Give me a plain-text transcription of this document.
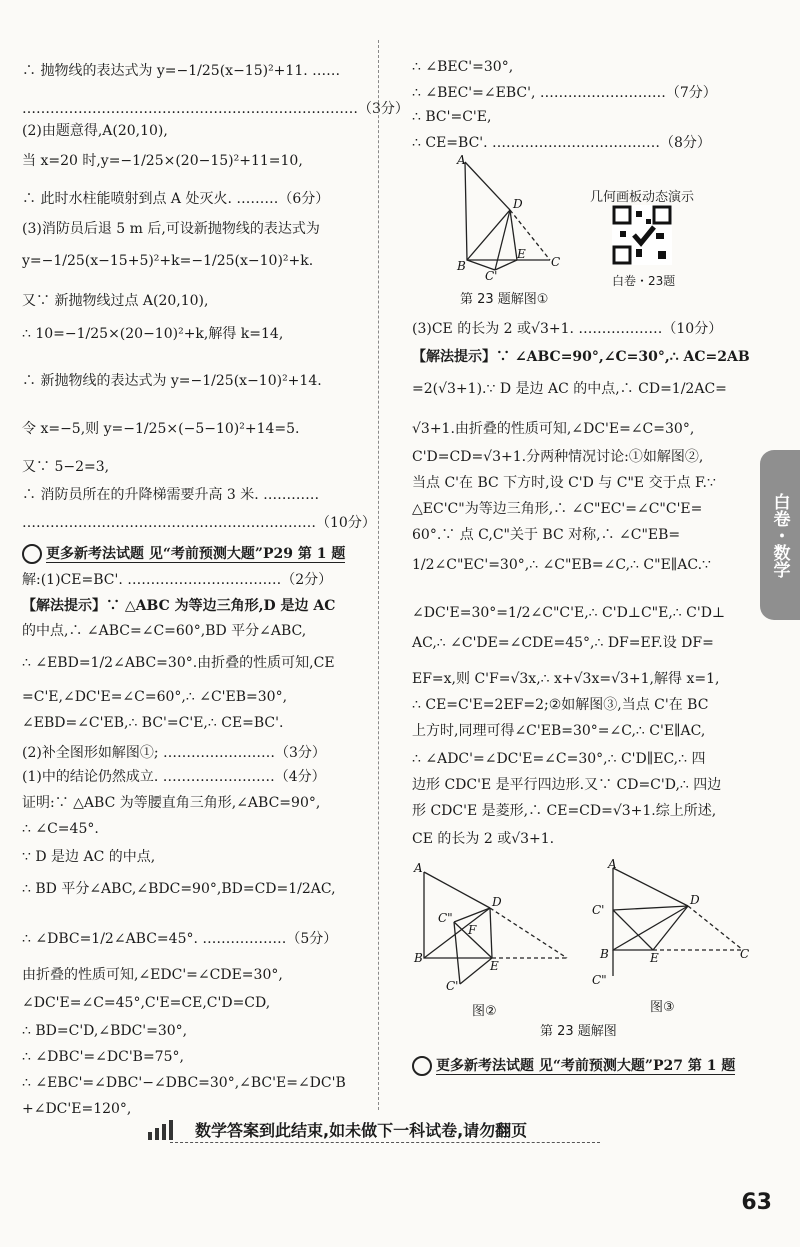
∴ 抛物线的表达式为 y=−1/25(x−15)²+11. ……
………………………………………………………………（3分）
(2)由题意得,A(20,10),
当 x=20 时,y=−1/25×(20−15)²+11=10,
∴ 此时水柱能喷射到点 A 处灭火. ………（6分）
(3)消防员后退 5 m 后,可设新抛物线的表达式为
y=−1/25(x−15+5)²+k=−1/25(x−10)²+k.
又∵ 新抛物线过点 A(20,10),
∴ 10=−1/25×(20−10)²+k,解得 k=14,
∴ 新抛物线的表达式为 y=−1/25(x−10)²+14.
令 x=−5,则 y=−1/25×(−5−10)²+14=5.
又∵ 5−2=3,
∴ 消防员所在的升降梯需要升高 3 米. …………
………………………………………………………（10分）
解:(1)CE=BC'. ……………………………（2分）
【解法提示】∵ △ABC 为等边三角形,D 是边 AC
的中点,∴ ∠ABC=∠C=60°,BD 平分∠ABC,
∴ ∠EBD=1/2∠ABC=30°.由折叠的性质可知,CE
=C'E,∠DC'E=∠C=60°,∴ ∠C'EB=30°,
∠EBD=∠C'EB,∴ BC'=C'E,∴ CE=BC'.
(2)补全图形如解图①; ……………………（3分）
(1)中的结论仍然成立. ……………………（4分）
证明:∵ △ABC 为等腰直角三角形,∠ABC=90°,
∴ ∠C=45°.
∵ D 是边 AC 的中点,
∴ BD 平分∠ABC,∠BDC=90°,BD=CD=1/2AC,
∴ ∠DBC=1/2∠ABC=45°. ………………（5分）
由折叠的性质可知,∠EDC'=∠CDE=30°,
∠DC'E=∠C=45°,C'E=CE,C'D=CD,
∴ BD=C'D,∠BDC'=30°,
∴ ∠DBC'=∠DC'B=75°,
∴ ∠EBC'=∠DBC'−∠DBC=30°,∠BC'E=∠DC'B
+∠DC'E=120°,
∴ ∠BEC'=30°,
∴ ∠BEC'=∠EBC', ………………………（7分）
∴ BC'=C'E,
∴ CE=BC'. ………………………………（8分）
(3)CE 的长为 2 或√3+1. ………………（10分）
【解法提示】∵ ∠ABC=90°,∠C=30°,∴ AC=2AB
=2(√3+1).∵ D 是边 AC 的中点,∴ CD=1/2AC=
√3+1.由折叠的性质可知,∠DC'E=∠C=30°,
C'D=CD=√3+1.分两种情况讨论:①如解图②,
当点 C'在 BC 下方时,设 C'D 与 C"E 交于点 F.∵
△EC'C"为等边三角形,∴ ∠C"EC'=∠C"C'E=
60°.∵ 点 C,C"关于 BC 对称,∴ ∠C"EB=
1/2∠C"EC'=30°,∴ ∠C"EB=∠C,∴ C"E∥AC.∵
∠DC'E=30°=1/2∠C"C'E,∴ C'D⊥C"E,∴ C'D⊥
AC,∴ ∠C'DE=∠CDE=45°,∴ DF=EF.设 DF=
EF=x,则 C'F=√3x,∴ x+√3x=√3+1,解得 x=1,
∴ CE=C'E=2EF=2;②如解图③,当点 C'在 BC
上方时,同理可得∠C'EB=30°=∠C,∴ C'E∥AC,
∴ ∠ADC'=∠DC'E=∠C=30°,∴ C'D∥EC,∴ 四
边形 CDC'E 是平行四边形.又∵ CD=C'D,∴ 四边
形 CDC'E 是菱形,∴ CE=CD=√3+1.综上所述,
CE 的长为 2 或√3+1.
更多新考法试题 见“考前预测大题”P29 第 1 题
更多新考法试题 见“考前预测大题”P27 第 1 题
A
D
B
E
C
C'
第 23 题解图①
几何画板动态演示
白卷・23题
A
D
B
E
F
C"
C'
图②
A
C'
D
B	E	C
C"
图③
第 23 题解图
白卷・数学
数学答案到此结束,如未做下一科试卷,请勿翻页
63
